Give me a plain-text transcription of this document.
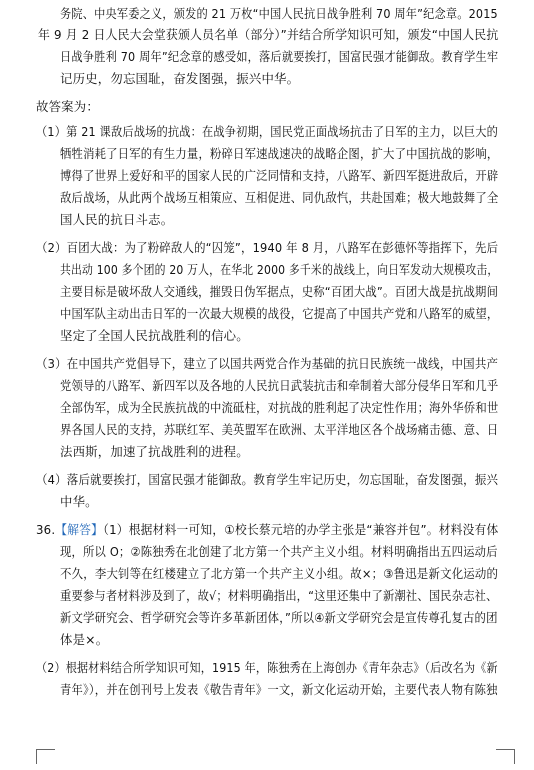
务院、中央军委之义，颁发的 21 万枚“中国人民抗日战争胜利 70 周年”纪念章。2015
年 9 月 2 日人民大会堂获颁人员名单（部分）”并结合所学知识可知，颁发“中国人民抗
日战争胜利 70 周年”纪念章的感受如，落后就要挨打，国富民强才能御敌。教育学生牢
记历史，勿忘国耻，奋发图强，振兴中华。
故答案为：
（1）第 21 课敌后战场的抗战：在战争初期，国民党正面战场抗击了日军的主力，以巨大的
牺牲消耗了日军的有生力量，粉碎日军速战速决的战略企图，扩大了中国抗战的影响，
博得了世界上爱好和平的国家人民的广泛同情和支持，八路军、新四军挺进敌后，开辟
敌后战场，从此两个战场互相策应、互相促进、同仇敌忾，共赴国难；极大地鼓舞了全
国人民的抗日斗志。
（2）百团大战：为了粉碎敌人的“囚笼”，1940 年 8 月，八路军在彭德怀等指挥下，先后
共出动 100 多个团的 20 万人，在华北 2000 多千米的战线上，向日军发动大规模攻击，
主要目标是破坏敌人交通线，摧毁日伪军据点，史称“百团大战”。百团大战是抗战期间
中国军队主动出击日军的一次最大规模的战役，它提高了中国共产党和八路军的威望，
坚定了全国人民抗战胜利的信心。
（3）在中国共产党倡导下，建立了以国共两党合作为基础的抗日民族统一战线，中国共产
党领导的八路军、新四军以及各地的人民抗日武装抗击和牵制着大部分侵华日军和几乎
全部伪军，成为全民族抗战的中流砥柱，对抗战的胜利起了决定性作用；海外华侨和世
界各国人民的支持，苏联红军、美英盟军在欧洲、太平洋地区各个战场痛击德、意、日
法西斯，加速了抗战胜利的进程。
（4）落后就要挨打，国富民强才能御敌。教育学生牢记历史，勿忘国耻，奋发图强，振兴
中华。
36.【解答】（1）根据材料一可知，①校长蔡元培的办学主张是“兼容并包”。材料没有体
现，所以 O；②陈独秀在北创建了北方第一个共产主义小组。材料明确指出五四运动后
不久，李大钊等在红楼建立了北方第一个共产主义小组。故×；③鲁迅是新文化运动的
重要参与者材料涉及到了，故√；材料明确指出，“这里还集中了新潮社、国民杂志社、
新文学研究会、哲学研究会等许多革新团体，”所以④新文学研究会是宣传尊孔复古的团
体是×。
（2）根据材料结合所学知识可知，1915 年，陈独秀在上海创办《青年杂志》（后改名为《新
青年》），并在创刊号上发表《敬告青年》一文，新文化运动开始，主要代表人物有陈独
